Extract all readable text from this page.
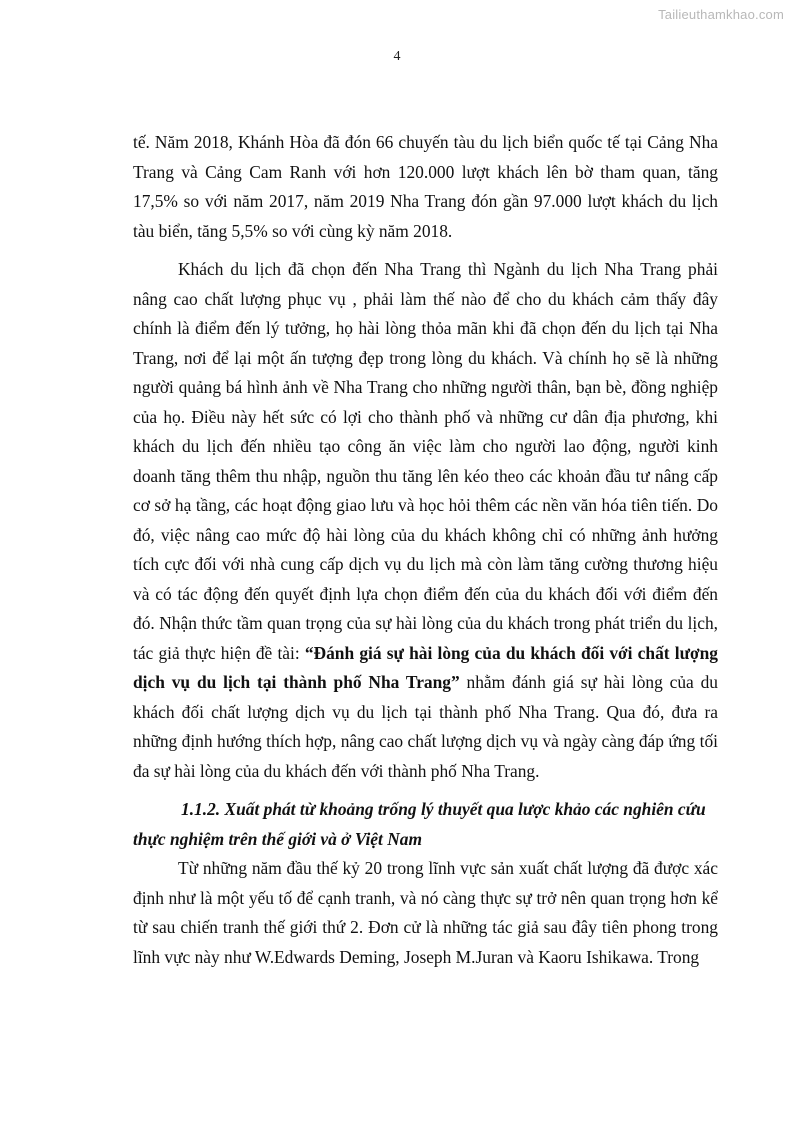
Tailieuthamkhao.com
4

tế. Năm 2018, Khánh Hòa đã đón 66 chuyến tàu du lịch biển quốc tế tại Cảng Nha Trang và Cảng Cam Ranh với hơn 120.000 lượt khách lên bờ tham quan, tăng 17,5% so với năm 2017, năm 2019 Nha Trang đón gần 97.000 lượt khách du lịch tàu biển, tăng 5,5% so với cùng kỳ năm 2018.

Khách du lịch đã chọn đến Nha Trang thì Ngành du lịch Nha Trang phải nâng cao chất lượng phục vụ , phải làm thế nào để cho du khách cảm thấy đây chính là điểm đến lý tưởng, họ hài lòng thỏa mãn khi đã chọn đến du lịch tại Nha Trang, nơi để lại một ấn tượng đẹp trong lòng du khách. Và chính họ sẽ là những người quảng bá hình ảnh về Nha Trang cho những người thân, bạn bè, đồng nghiệp của họ. Điều này hết sức có lợi cho thành phố và những cư dân địa phương, khi khách du lịch đến nhiều tạo công ăn việc làm cho người lao động, người kinh doanh tăng thêm thu nhập, nguồn thu tăng lên kéo theo các khoản đầu tư nâng cấp cơ sở hạ tầng, các hoạt động giao lưu và học hỏi thêm các nền văn hóa tiên tiến. Do đó, việc nâng cao mức độ hài lòng của du khách không chỉ có những ảnh hưởng tích cực đối với nhà cung cấp dịch vụ du lịch mà còn làm tăng cường thương hiệu và có tác động đến quyết định lựa chọn điểm đến của du khách đối với điểm đến đó. Nhận thức tầm quan trọng của sự hài lòng của du khách trong phát triển du lịch, tác giả thực hiện đề tài: “Đánh giá sự hài lòng của du khách đối với chất lượng dịch vụ du lịch tại thành phố Nha Trang” nhằm đánh giá sự hài lòng của du khách đối chất lượng dịch vụ du lịch tại thành phố Nha Trang. Qua đó, đưa ra những định hướng thích hợp, nâng cao chất lượng dịch vụ và ngày càng đáp ứng tối đa sự hài lòng của du khách đến với thành phố Nha Trang.

1.1.2. Xuất phát từ khoảng trống lý thuyết qua lược khảo các nghiên cứu
thực nghiệm trên thế giới và ở Việt Nam

Từ những năm đầu thế kỷ 20 trong lĩnh vực sản xuất chất lượng đã được xác định như là một yếu tố để cạnh tranh, và nó càng thực sự trở nên quan trọng hơn kể từ sau chiến tranh thế giới thứ 2. Đơn cử là những tác giả sau đây tiên phong trong lĩnh vực này như W.Edwards Deming, Joseph M.Juran và Kaoru Ishikawa. Trong
